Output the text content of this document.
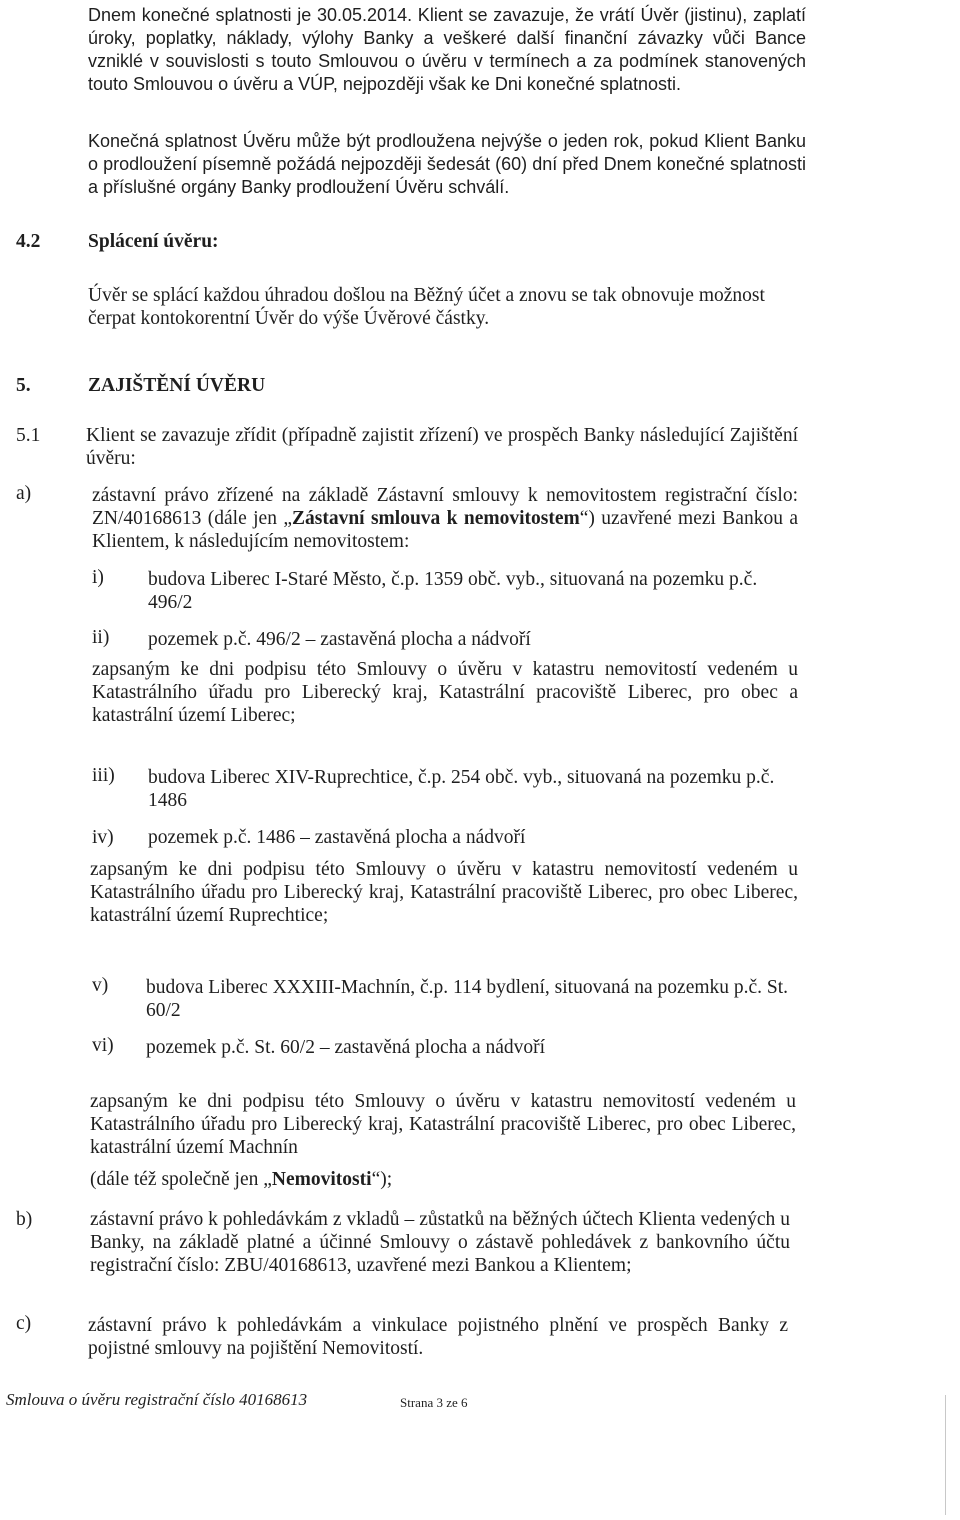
Dnem konečné splatnosti je 30.05.2014. Klient se zavazuje, že vrátí Úvěr (jistinu), zaplatí úroky, poplatky, náklady, výlohy Banky a veškeré další finanční závazky vůči Bance vzniklé v souvislosti s touto Smlouvou o úvěru v termínech a za podmínek stanovených touto Smlouvou o úvěru a VÚP, nejpozději však ke Dni konečné splatnosti.
Konečná splatnost Úvěru může být prodloužena nejvýše o jeden rok, pokud Klient Banku o prodloužení písemně požádá nejpozději šedesát (60) dní před Dnem konečné splatnosti a příslušné orgány Banky prodloužení Úvěru schválí.
4.2 Splácení úvěru:
Úvěr se splácí každou úhradou došlou na Běžný účet a znovu se tak obnovuje možnost čerpat kontokorentní Úvěr do výše Úvěrové částky.
5.	ZAJIŠTĚNÍ ÚVĚRU
5.1 Klient se zavazuje zřídit (případně zajistit zřízení) ve prospěch Banky následující Zajištění úvěru:
a)	zástavní právo zřízené na základě Zástavní smlouvy k nemovitostem registrační číslo: ZN/40168613 (dále jen „Zástavní smlouva k nemovitostem“) uzavřené mezi Bankou a Klientem, k následujícím nemovitostem:
i) budova Liberec I-Staré Město, č.p. 1359 obč. vyb., situovaná na pozemku p.č. 496/2
ii) pozemek p.č. 496/2 – zastavěná plocha a nádvoří
zapsaným ke dni podpisu této Smlouvy o úvěru v katastru nemovitostí vedeném u Katastrálního úřadu pro Liberecký kraj, Katastrální pracoviště Liberec, pro obec a katastrální území Liberec;
iii) budova Liberec XIV-Ruprechtice, č.p. 254 obč. vyb., situovaná na pozemku p.č. 1486
iv) pozemek p.č. 1486 – zastavěná plocha a nádvoří
zapsaným ke dni podpisu této Smlouvy o úvěru v katastru nemovitostí vedeném u Katastrálního úřadu pro Liberecký kraj, Katastrální pracoviště Liberec, pro obec Liberec, katastrální území Ruprechtice;
v) budova Liberec XXXIII-Machnín, č.p. 114 bydlení, situovaná na pozemku p.č. St. 60/2
vi) pozemek p.č. St. 60/2 – zastavěná plocha a nádvoří
zapsaným ke dni podpisu této Smlouvy o úvěru v katastru nemovitostí vedeném u Katastrálního úřadu pro Liberecký kraj, Katastrální pracoviště Liberec, pro obec Liberec, katastrální území Machnín
(dále též společně jen „Nemovitosti“);
b)	zástavní právo k pohledávkám z vkladů – zůstatků na běžných účtech Klienta vedených u Banky, na základě platné a účinné Smlouvy o zástavě pohledávek z bankovního účtu registrační číslo: ZBU/40168613, uzavřené mezi Bankou a Klientem;
c)	zástavní právo k pohledávkám a vinkulace pojistného plnění ve prospěch Banky z pojistné smlouvy na pojištění Nemovitostí.
Smlouva o úvěru registrační číslo 40168613	Strana 3 ze 6
